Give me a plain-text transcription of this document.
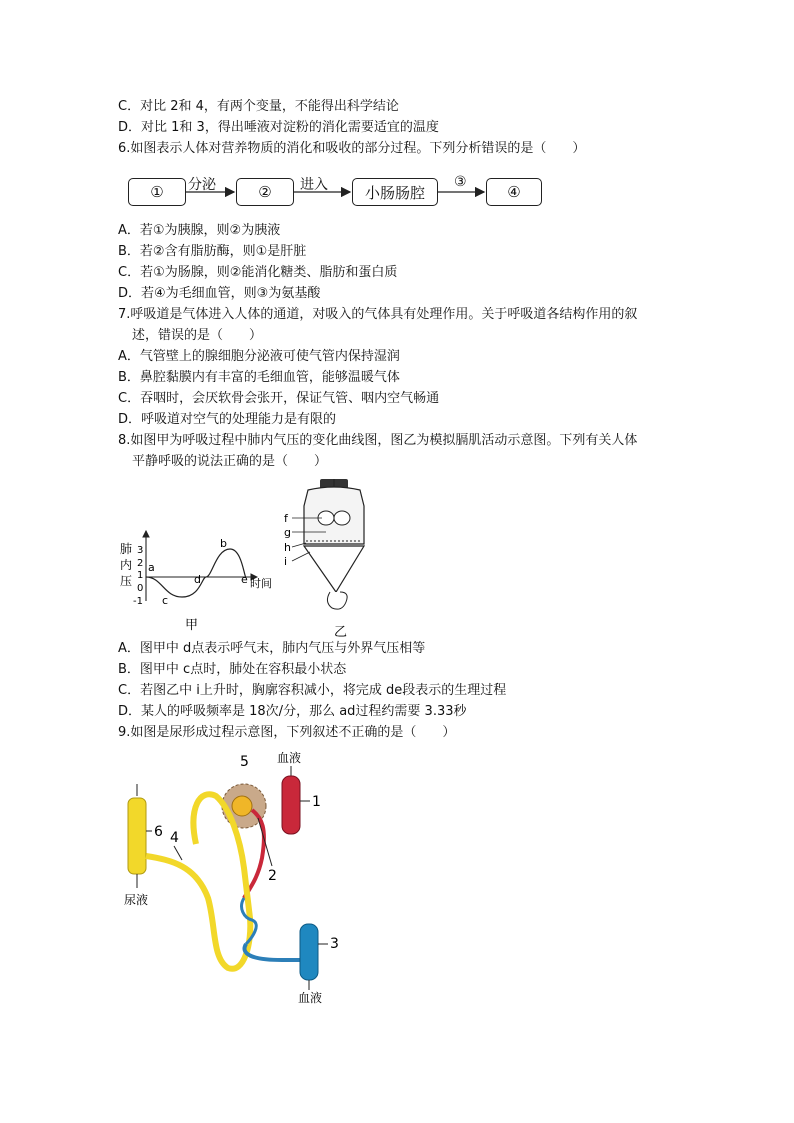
C．对比 2和 4，有两个变量，不能得出科学结论
D．对比 1和 3，得出唾液对淀粉的消化需要适宜的温度
6.如图表示人体对营养物质的消化和吸收的部分过程。下列分析错误的是（　　）
①	分泌	②	进入	小肠肠腔
③
④
A．若①为胰腺，则②为胰液
B．若②含有脂肪酶，则①是肝脏
C．若①为肠腺，则②能消化糖类、脂肪和蛋白质
D．若④为毛细血管，则③为氨基酸
7.呼吸道是气体进入人体的通道，对吸入的气体具有处理作用。关于呼吸道各结构作用的叙
述，错误的是（　　）
A．气管壁上的腺细胞分泌液可使气管内保持湿润
B．鼻腔黏膜内有丰富的毛细血管，能够温暖气体
C．吞咽时，会厌软骨会张开，保证气管、咽内空气畅通
D．呼吸道对空气的处理能力是有限的
8.如图甲为呼吸过程中肺内气压的变化曲线图，图乙为模拟膈肌活动示意图。下列有关人体
平静呼吸的说法正确的是（　　）
肺
内
压
3
2
1
0
-1
a
b
c
d	e 时间
甲
f
g
h
i
乙
A．图甲中 d点表示呼气末，肺内气压与外界气压相等
B．图甲中 c点时，肺处在容积最小状态
C．若图乙中 i上升时，胸廓容积减小，将完成 de段表示的生理过程
D．某人的呼吸频率是 18次/分，那么 ad过程约需要 3.33秒
9.如图是尿形成过程示意图，下列叙述不正确的是（　　）
血液
1
5
2
6
尿液
4
3
血液
